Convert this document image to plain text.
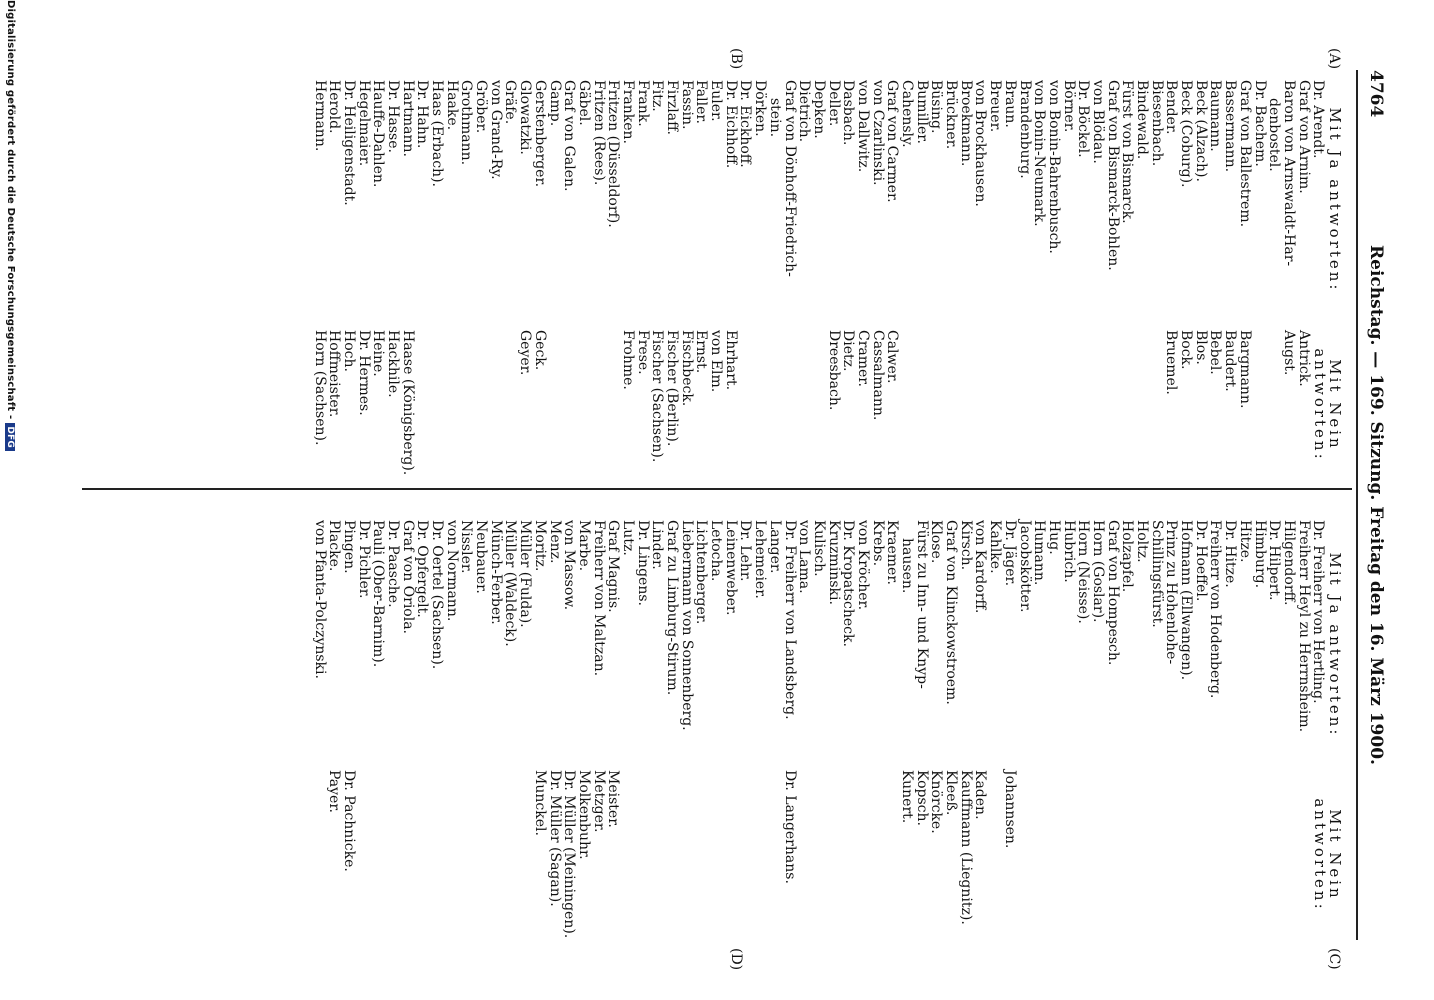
4764
Reichstag. — 169. Sitzung. Freitag den 16. März 1900.
(A)
(B)
(C)
(D)
Mit Ja antworten:
Dr. Arendt.
Graf von Arnim.
Baron von Arnswaldt-Har-
denbostel.
Dr. Bachem.
Graf von Ballestrem.
Bassermann.
Baumann.
Beck (Alzach).
Beck (Coburg).
Bender.
Biesenbach.
Bindewald.
Fürst von Bismarck.
Graf von Bismarck-Bohlen.
von Blödau.
Dr. Böckel.
Börner.
von Bonin-Bahrenbusch.
von Bonin-Neumark.
Brandenburg.
Braun.
Breuer.
von Brockhausen.
Broekmann.
Brückner.
Büsing.
Bumiller.
Cahensly.
Graf von Carmer.
von Czarlinski.
von Dallwitz.
Dasbach.
Deller.
Depken.
Dietrich.
Graf von Dönhoff-Friedrich-
stein.
Dörken.
Dr. Eickhoff.
Dr. Eichhoff.
Euler.
Faller.
Fassin.
Firzlaff.
Fitz.
Frank.
Franken.
Fritzen (Düsseldorf).
Fritzen (Rees).
Gäbel.
Graf von Galen.
Gamp.
Gerstenberger.
Glowatzki.
Gräfe.
von Grand-Ry.
Gröber.
Grothmann.
Haake.
Haas (Erbach).
Dr. Hahn.
Hartmann.
Dr. Hasse.
Hauffe-Dahlen.
Hegelmaier.
Dr. Heiligenstadt.
Herold.
Hermann.
Mit Nein antworten:
Antrick.
Augst.
Bargmann.
Baudert.
Bebel.
Blos.
Bock.
Bruemel.
Calwer.
Cassalmann.
Cramer.
Dietz.
Dreesbach.
Ehrhart.
von Elm.
Ernst.
Fischbeck.
Fischer (Berlin).
Fischer (Sachsen).
Frese.
Frohme.
Geck.
Geyer.
Haase (Königsberg).
Hackhile.
Heine.
Dr. Hermes.
Hoch.
Hoffmeister.
Horn (Sachsen).
Mit Ja antworten:
Dr. Freiherr von Hertling.
Freiherr Heyl zu Herrnsheim.
Hilgendorff.
Dr. Hilpert.
Himburg.
Hitze.
Dr. Hitze.
Freiherr von Hodenberg.
Dr. Hoeffel.
Hofmann (Ellwangen).
Prinz zu Hohenlohe-
Schillingsfürst.
Holtz.
Holzapfel.
Graf von Hompesch.
Horn (Goslar).
Horn (Neisse).
Hubrich.
Hug.
Humann.
Jacobskötter.
Dr. Jäger.
Kahlke.
von Kardorff.
Kirsch.
Graf von Klinckowstroem.
Klose.
Fürst zu Inn- und Knyp-
hausen.
Kraemer.
Krebs.
von Kröcher.
Dr. Kropatscheck.
Kruzminski.
Kulisch.
von Lama.
Dr. Freiherr von Landsberg.
Langer.
Lehemeier.
Dr. Lehr.
Leinenweber.
Letocha.
Lichtenberger.
Liebermann von Sonnenberg.
Graf zu Limburg-Stirum.
Linder.
Dr. Lingens.
Lutz.
Graf Magnis.
Freiherr von Maltzan.
Marbe.
von Massow.
Menz.
Moritz.
Müller (Fulda).
Müller (Waldeck).
Münch-Ferber.
Neubauer.
Nissler.
von Normann.
Dr. Oertel (Sachsen).
Dr. Opfergelt.
Graf von Oriola.
Dr. Paasche.
Pauli (Ober-Barnim).
Dr. Pichler.
Pingen.
Placke.
von Pfanta-Polczynski.
Mit Nein antworten:
Johannsen.
Kaden.
Kauffmann (Liegnitz).
Kleeß.
Knörcke.
Kopsch.
Kunert.
Dr. Langerhans.
Meister.
Metzger.
Molkenbuhr.
Dr. Müller (Meiningen).
Dr. Müller (Sagan).
Munckel.
Dr. Pachnicke.
Payer.
Digitalisierung gefördert durch die Deutsche Forschungsgemeinschaft -DFG
